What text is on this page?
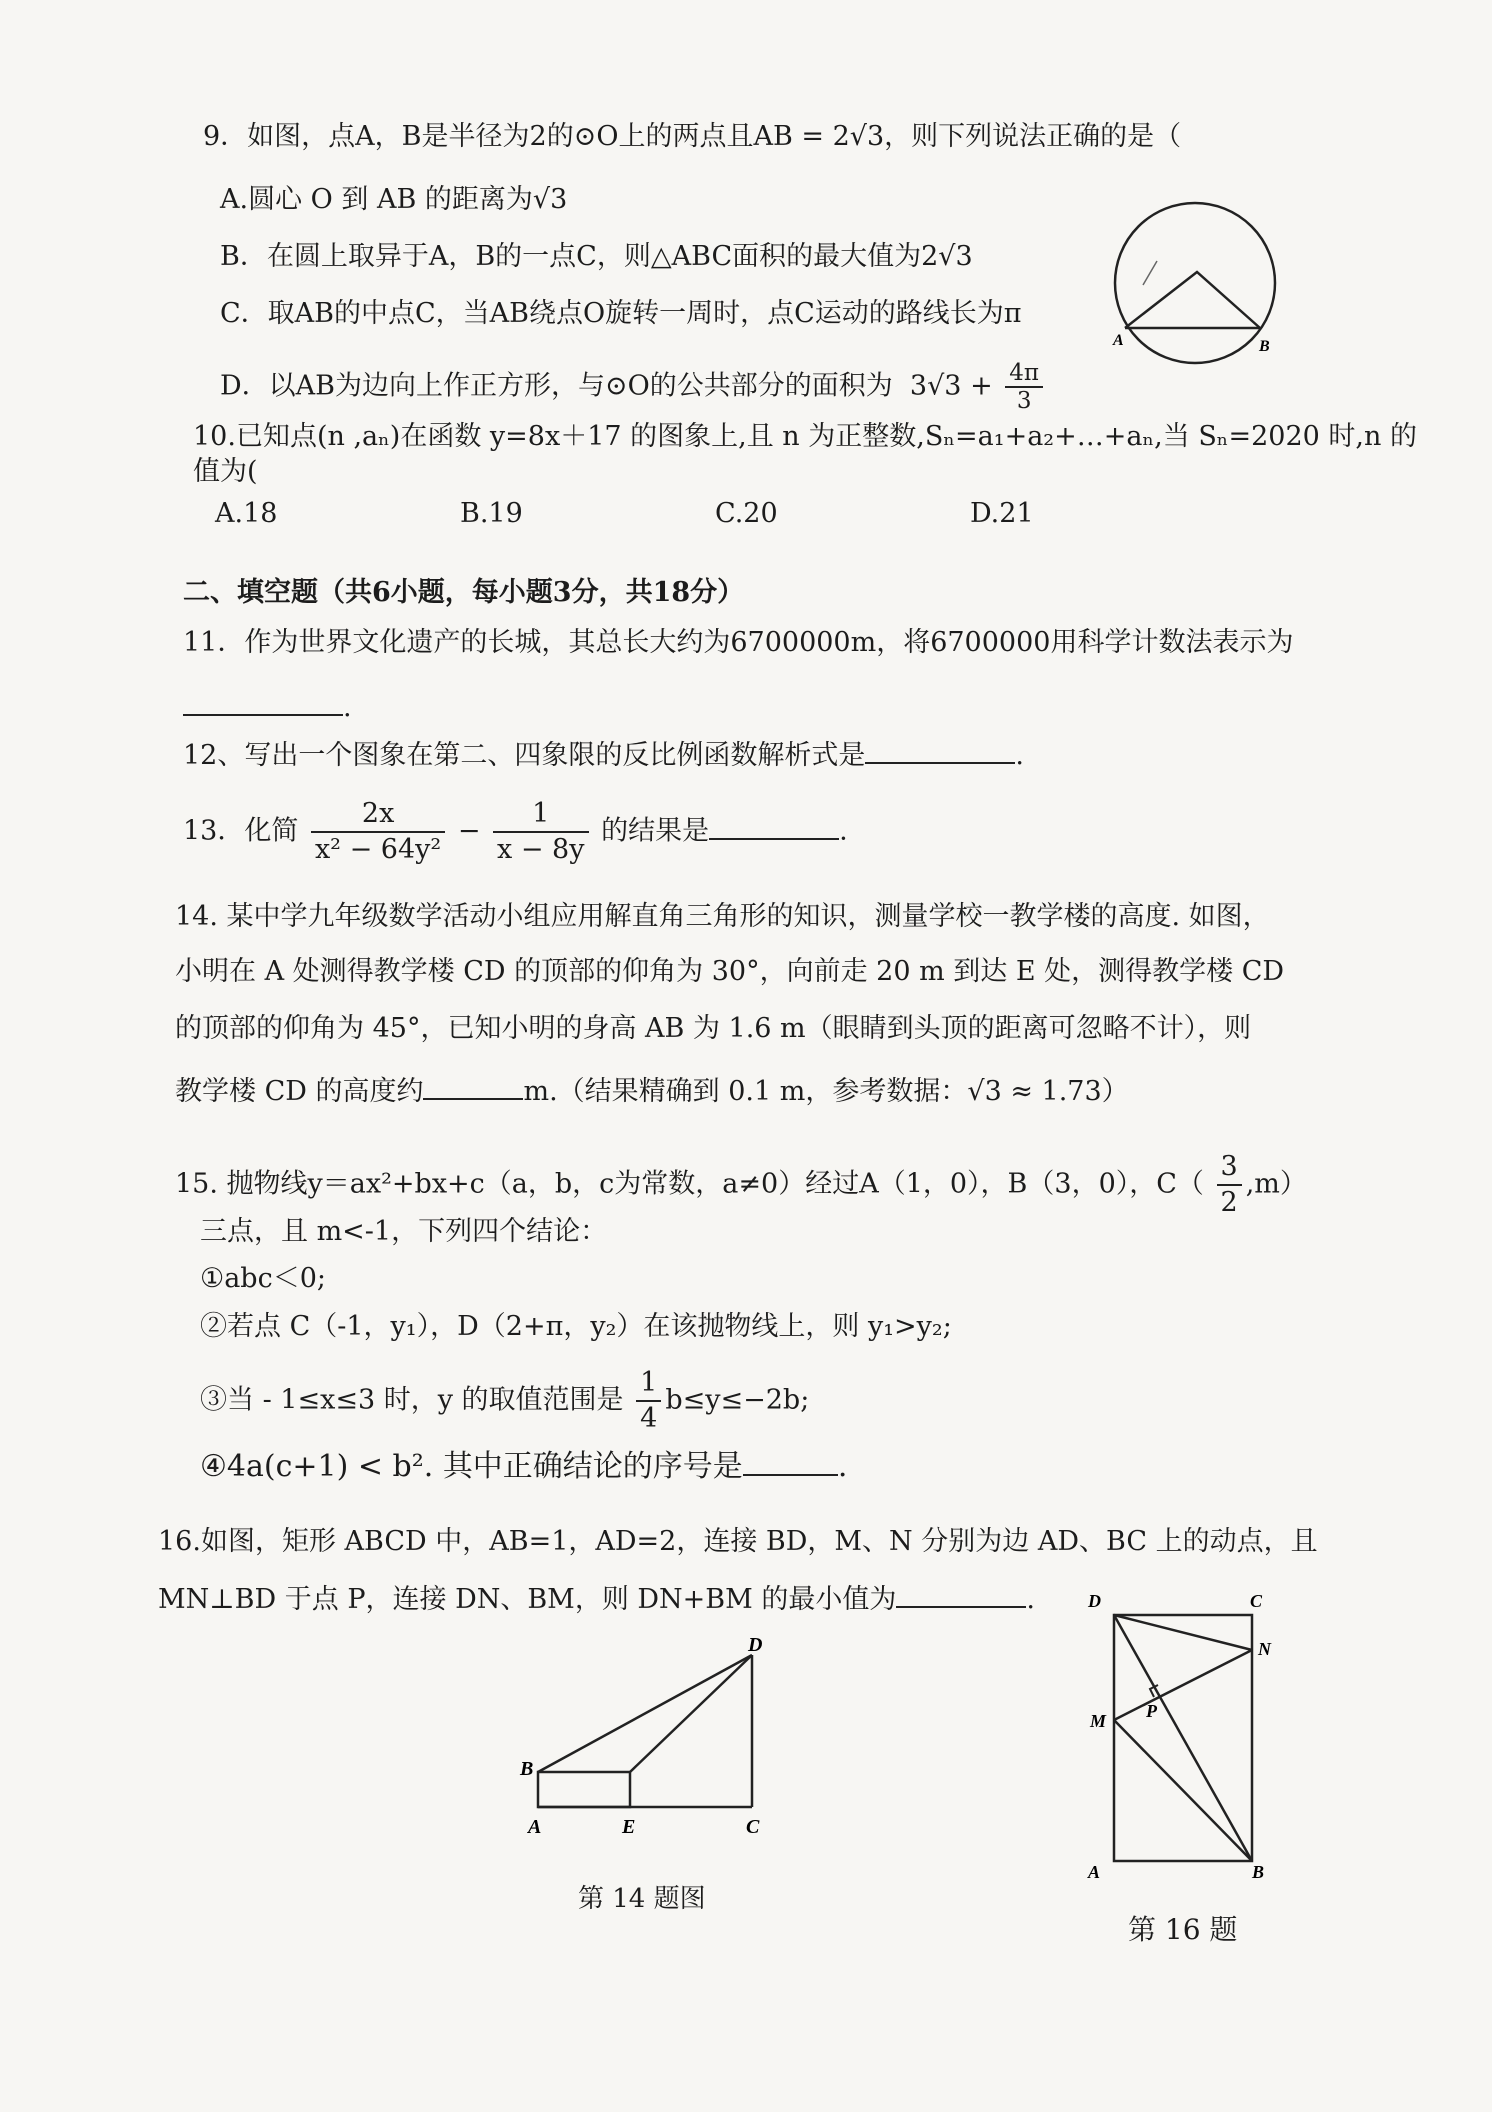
9．如图，点A，B是半径为2的⊙O上的两点且AB = 2√3，则下列说法正确的是（
A.圆心 O 到 AB 的距离为√3
B．在圆上取异于A，B的一点C，则△ABC面积的最大值为2√3
C．取AB的中点C，当AB绕点O旋转一周时，点C运动的路线长为π
D．以AB为边向上作正方形，与⊙O的公共部分的面积为 $3√3 + \frac{4\pi}{3}$
A	B
10.已知点(n ,aₙ)在函数 y=8x＋17 的图象上,且 n 为正整数,Sₙ=a₁+a₂+…+aₙ,当 Sₙ=2020 时,n 的
值为(
A.18	B.19	C.20	D.21
二、填空题（共6小题，每小题3分，共18分）
11．作为世界文化遗产的长城，其总长大约为6700000m，将6700000用科学计数法表示为
.
12、写出一个图象在第二、四象限的反比例函数解析式是	.
13．化简 $\frac{2x}{\text{x² − 64y²}} - \frac{1}{x - 8y}$ 的结果是	.
14. 某中学九年级数学活动小组应用解直角三角形的知识，测量学校一教学楼的高度. 如图，
小明在 A 处测得教学楼 CD 的顶部的仰角为 30°，向前走 20 m 到达 E 处，测得教学楼 CD
的顶部的仰角为 45°，已知小明的身高 AB 为 1.6 m（眼睛到头顶的距离可忽略不计），则
教学楼 CD 的高度约	m.（结果精确到 0.1 m，参考数据：√3 ≈ 1.73）
15. 抛物线y＝ax²+bx+c（a，b，c为常数，a≠0）经过A（1，0），B（3，0），$C( \frac{3}{2} ,m)$
三点，且 m<-1，下列四个结论：
①abc＜0;
②若点 C（-1，y₁），D（2+π，y₂）在该抛物线上，则 y₁>y₂;
③当 - 1≤x≤3 时，y 的取值范围是 $\frac{1}{4} b\le y\le-2b$;
④4a(c+1) < b². 其中正确结论的序号是	.
16.如图，矩形 ABCD 中，AB=1，AD=2，连接 BD，M、N 分别为边 AD、BC 上的动点，且
MN⊥BD 于点 P，连接 DN、BM，则 DN+BM 的最小值为	.
D
B
A	E	C
第 14 题图
D	C
N
P
M
A	B
第 16 题
